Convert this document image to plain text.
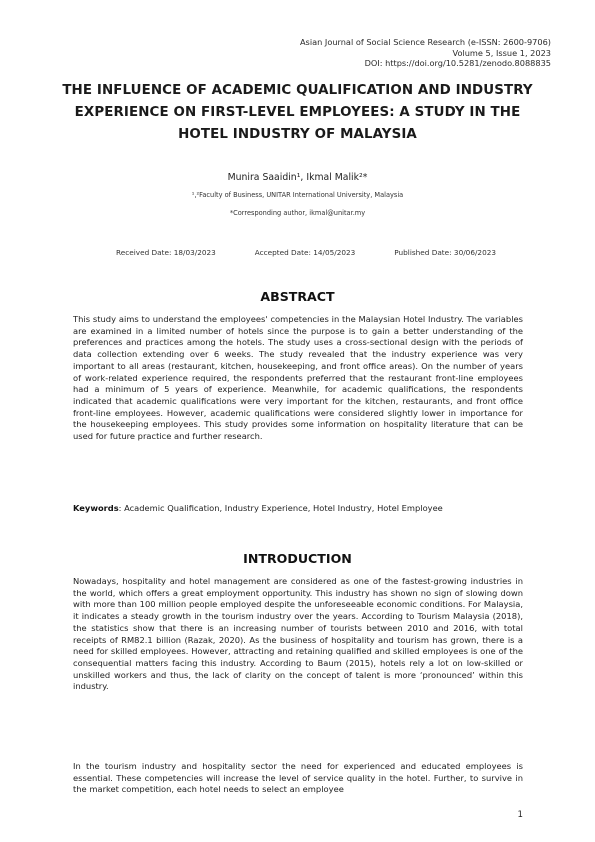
Asian Journal of Social Science Research (e-ISSN: 2600-9706)
Volume 5, Issue 1, 2023
DOI: https://doi.org/10.5281/zenodo.8088835
THE INFLUENCE OF ACADEMIC QUALIFICATION AND INDUSTRY EXPERIENCE ON FIRST-LEVEL EMPLOYEES: A STUDY IN THE HOTEL INDUSTRY OF MALAYSIA
Munira Saaidin¹, Ikmal Malik²*
¹,²Faculty of Business, UNITAR International University, Malaysia
*Corresponding author, ikmal@unitar.my
Received Date: 18/03/2023	Accepted Date: 14/05/2023	Published Date: 30/06/2023
ABSTRACT
This study aims to understand the employees' competencies in the Malaysian Hotel Industry. The variables are examined in a limited number of hotels since the purpose is to gain a better understanding of the preferences and practices among the hotels. The study uses a cross-sectional design with the periods of data collection extending over 6 weeks. The study revealed that the industry experience was very important to all areas (restaurant, kitchen, housekeeping, and front office areas). On the number of years of work-related experience required, the respondents preferred that the restaurant front-line employees had a minimum of 5 years of experience. Meanwhile, for academic qualifications, the respondents indicated that academic qualifications were very important for the kitchen, restaurants, and front office front-line employees. However, academic qualifications were considered slightly lower in importance for the housekeeping employees. This study provides some information on hospitality literature that can be used for future practice and further research.
Keywords: Academic Qualification, Industry Experience, Hotel Industry, Hotel Employee
INTRODUCTION
Nowadays, hospitality and hotel management are considered as one of the fastest-growing industries in the world, which offers a great employment opportunity. This industry has shown no sign of slowing down with more than 100 million people employed despite the unforeseeable economic conditions. For Malaysia, it indicates a steady growth in the tourism industry over the years. According to Tourism Malaysia (2018), the statistics show that there is an increasing number of tourists between 2010 and 2016, with total receipts of RM82.1 billion (Razak, 2020). As the business of hospitality and tourism has grown, there is a need for skilled employees. However, attracting and retaining qualified and skilled employees is one of the consequential matters facing this industry. According to Baum (2015), hotels rely a lot on low-skilled or unskilled workers and thus, the lack of clarity on the concept of talent is more ‘pronounced’ within this industry.
In the tourism industry and hospitality sector the need for experienced and educated employees is essential. These competencies will increase the level of service quality in the hotel. Further, to survive in the market competition, each hotel needs to select an employee
1
